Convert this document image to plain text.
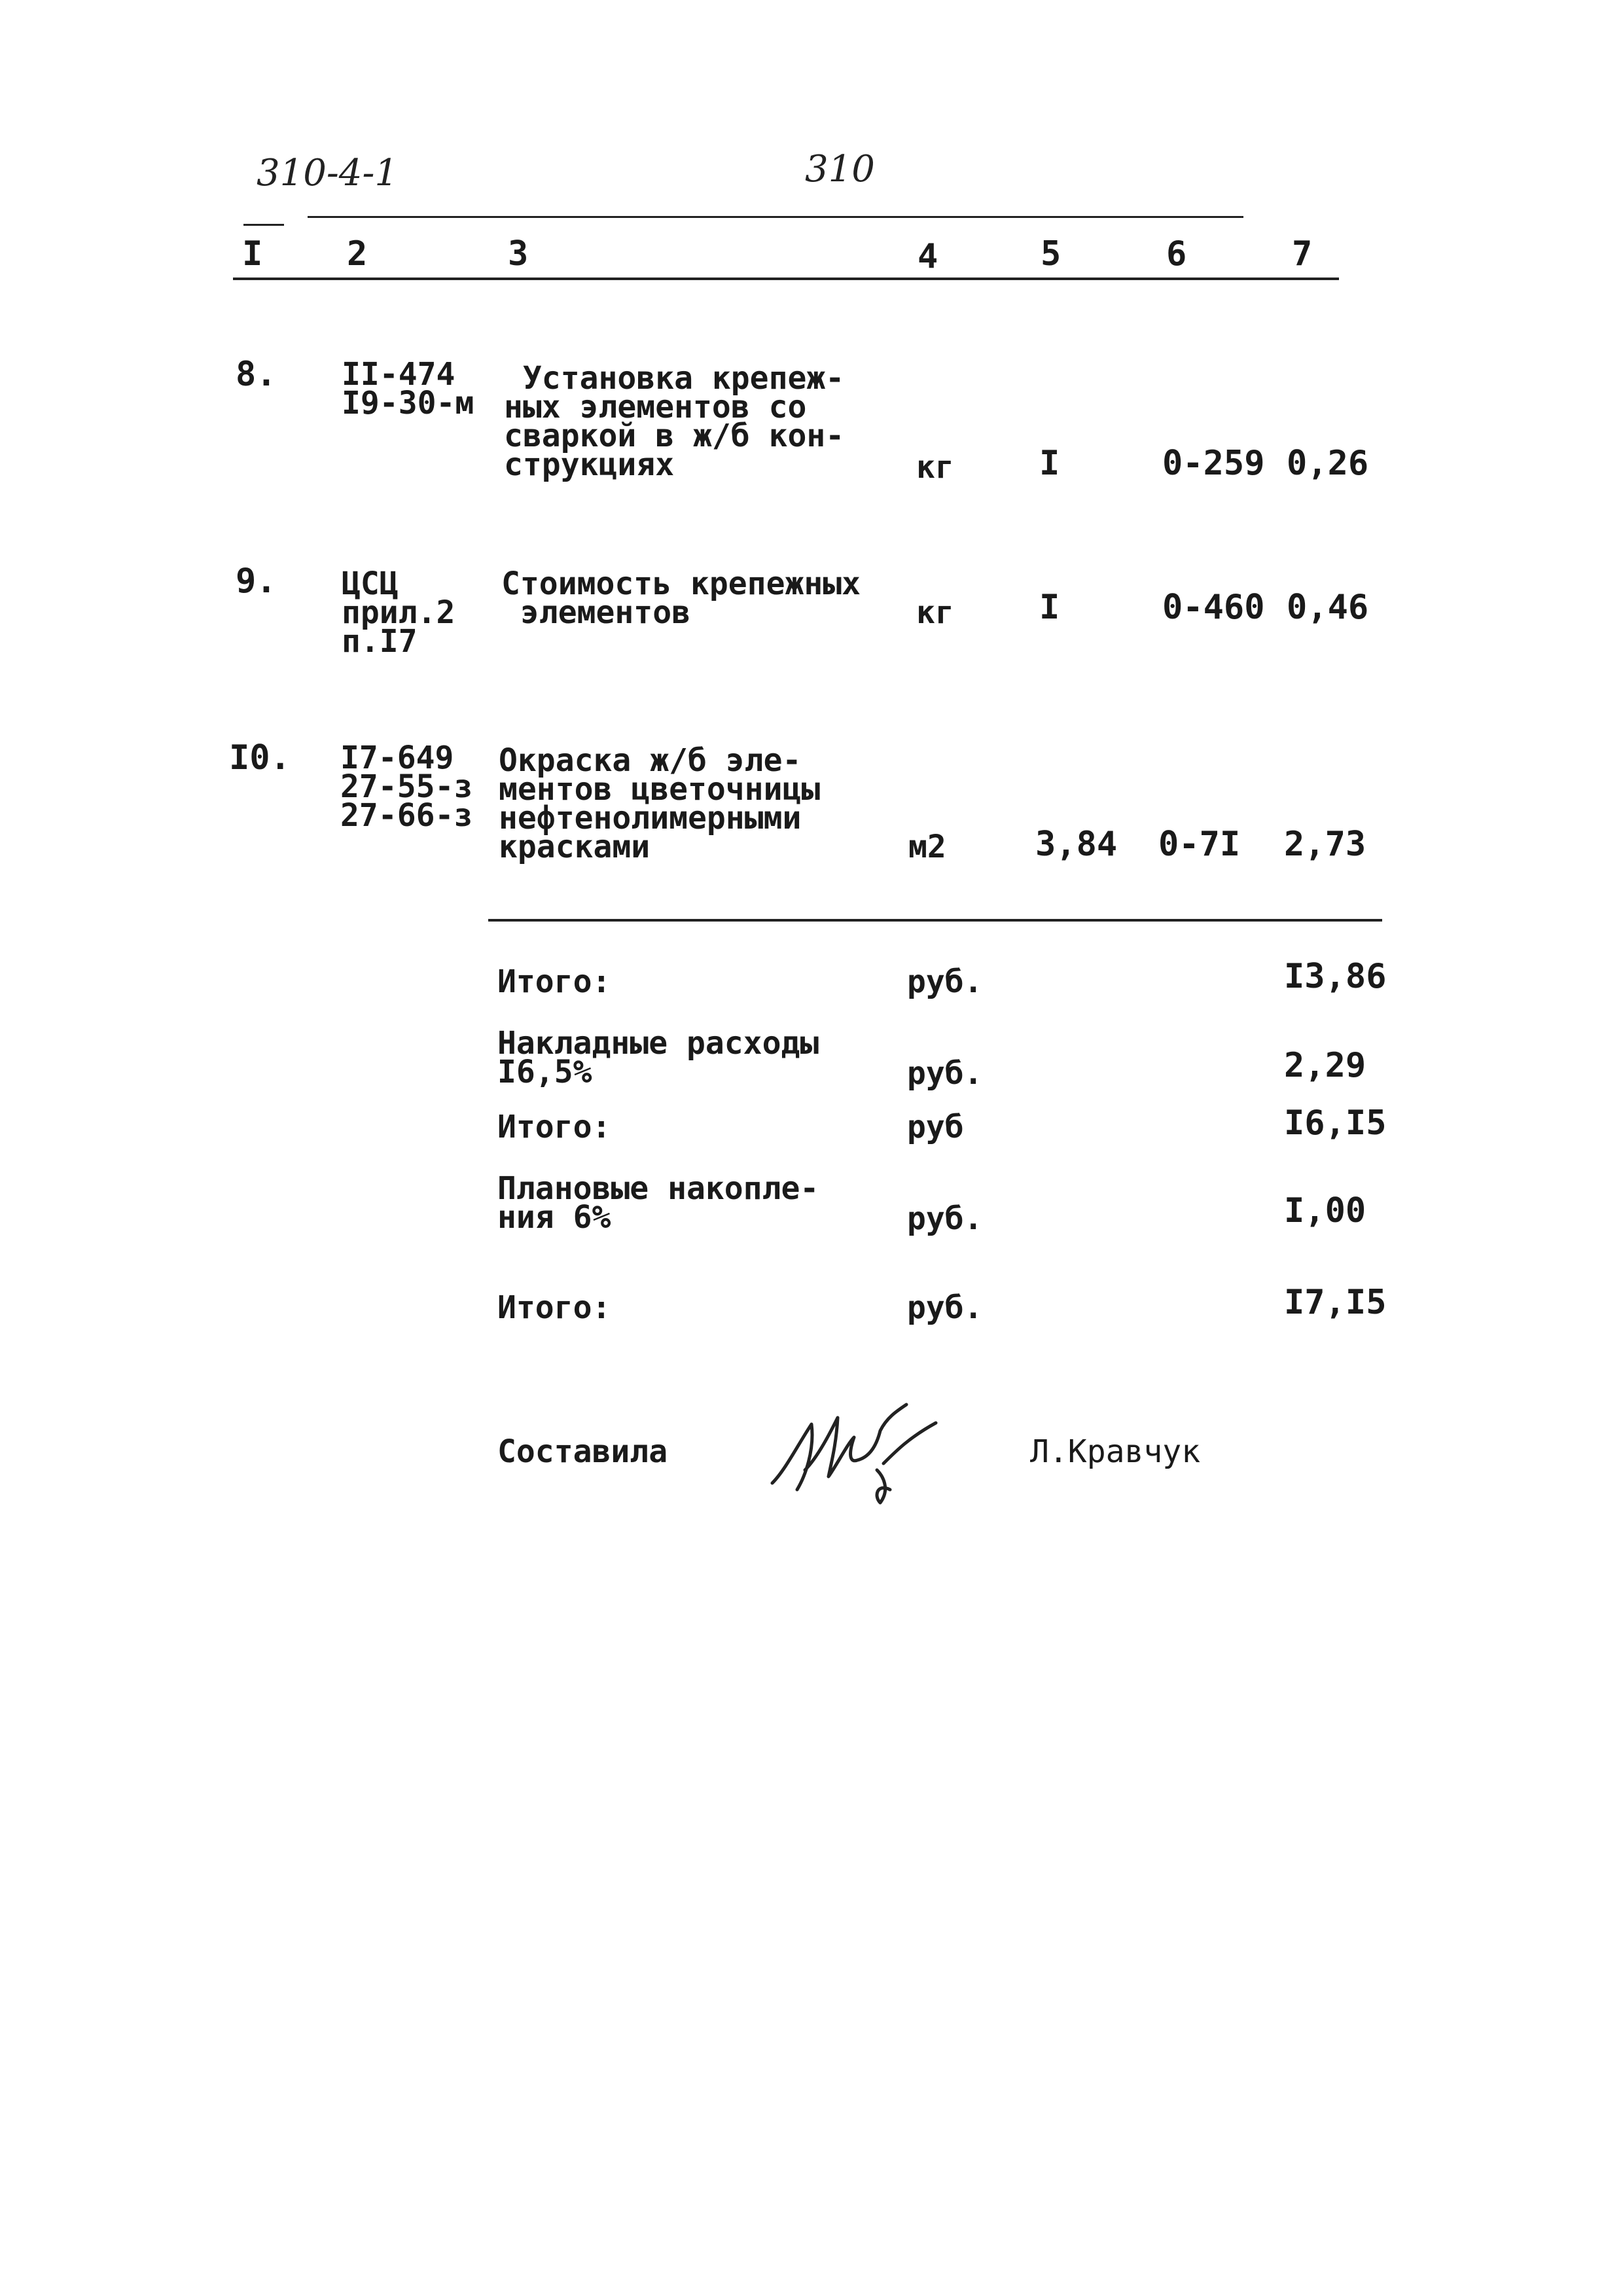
310-4-1	310
I 2	3	4	5	6	7
8. II-474
I9-30-м
Установка крепеж-
ных элементов со
сваркой в ж/б кон-
струкциях	кг	I	0-259 0,26
9. ЦСЦ
прил.2
п.I7
Стоимость крепежных
элементов	кг	I	0-460 0,46
I0. I7-649
27-55-з
27-66-з
Окраска ж/б эле-
ментов цветочницы
нефтенолимерными
красками	м2	3,84 0-7I 2,73
Итого:	руб.	I3,86
Накладные расходы
I6,5%	руб.	2,29
Итого:	руб	I6,I5
Плановые накопле-
ния 6%	руб.	I,00
Итого:	руб.	I7,I5
Составила	Л.Кравчук
